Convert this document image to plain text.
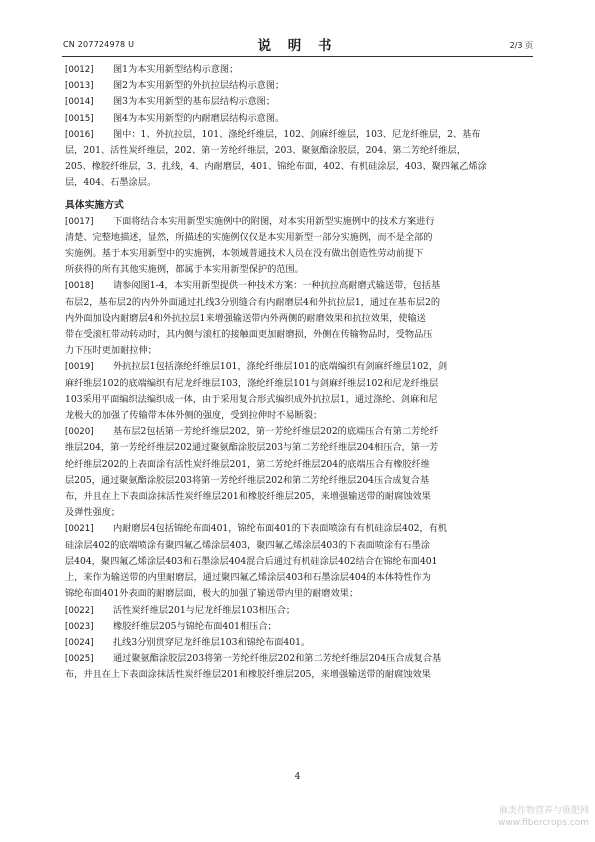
CN 207724978 U	说 明 书	2/3 页
[0012]	图1为本实用新型结构示意图；
[0013]	图2为本实用新型的外抗拉层结构示意图；
[0014]	图3为本实用新型的基布层结构示意图；
[0015]	图4为本实用新型的内耐磨层结构示意图。
[0016]	图中：1、外抗拉层，101、涤纶纤维层，102、剑麻纤维层，103、尼龙纤维层，2、基布
层，201、活性炭纤维层，202、第一芳纶纤维层，203、聚氨酯涂胶层，204、第二芳纶纤维层，
205、橡胶纤维层，3、扎线，4、内耐磨层，401、锦纶布面，402、有机硅涂层，403、聚四氟乙烯涂
层，404、石墨涂层。
具体实施方式
[0017]	下面将结合本实用新型实施例中的附图，对本实用新型实施例中的技术方案进行
清楚、完整地描述，显然，所描述的实施例仅仅是本实用新型一部分实施例，而不是全部的
实施例。基于本实用新型中的实施例，本领域普通技术人员在没有做出创造性劳动前提下
所获得的所有其他实施例，都属于本实用新型保护的范围。
[0018]	请参阅图1-4，本实用新型提供一种技术方案：一种抗拉高耐磨式输送带，包括基
布层2，基布层2的内外外面通过扎线3分别缝合有内耐磨层4和外抗拉层1，通过在基布层2的
内外面加设内耐磨层4和外抗拉层1来增强输送带内外两侧的耐磨效果和抗拉效果，使输送
带在受滚杠带动转动时，其内侧与滚杠的接触面更加耐磨损，外侧在传输物品时，受物品压
力下压时更加耐拉伸；
[0019]	外抗拉层1包括涤纶纤维层101，涤纶纤维层101的底端编织有剑麻纤维层102，剑
麻纤维层102的底端编织有尼龙纤维层103，涤纶纤维层101与剑麻纤维层102和尼龙纤维层
103采用平面编织法编织成一体，由于采用复合形式编织成外抗拉层1，通过涤纶、剑麻和尼
龙极大的加强了传输带本体外侧的强度，受到拉伸时不易断裂；
[0020]	基布层2包括第一芳纶纤维层202，第一芳纶纤维层202的底端压合有第二芳纶纤
维层204，第一芳纶纤维层202通过聚氨酯涂胶层203与第二芳纶纤维层204相压合，第一芳
纶纤维层202的上表面涂有活性炭纤维层201，第二芳纶纤维层204的底端压合有橡胶纤维
层205，通过聚氨酯涂胶层203将第一芳纶纤维层202和第二芳纶纤维层204压合成复合基
布，并且在上下表面涂抹活性炭纤维层201和橡胶纤维层205，来增强输送带的耐腐蚀效果
及弹性强度；
[0021]	内耐磨层4包括锦纶布面401，锦纶布面401的下表面喷涂有有机硅涂层402，有机
硅涂层402的底端喷涂有聚四氟乙烯涂层403，聚四氟乙烯涂层403的下表面喷涂有石墨涂
层404，聚四氟乙烯涂层403和石墨涂层404混合后通过有机硅涂层402结合在锦纶布面401
上，来作为输送带的内里耐磨层，通过聚四氟乙烯涂层403和石墨涂层404的本体特性作为
锦纶布面401外表面的耐磨层面，极大的加强了输送带内里的耐磨效果；
[0022]	活性炭纤维层201与尼龙纤维层103相压合；
[0023]	橡胶纤维层205与锦纶布面401相压合；
[0024]	扎线3分别贯穿尼龙纤维层103和锦纶布面401。
[0025]	通过聚氨酯涂胶层203将第一芳纶纤维层202和第二芳纶纤维层204压合成复合基
布，并且在上下表面涂抹活性炭纤维层201和橡胶纤维层205，来增强输送带的耐腐蚀效果
4
麻类作物营养与施肥网
www.fibercrops.com
